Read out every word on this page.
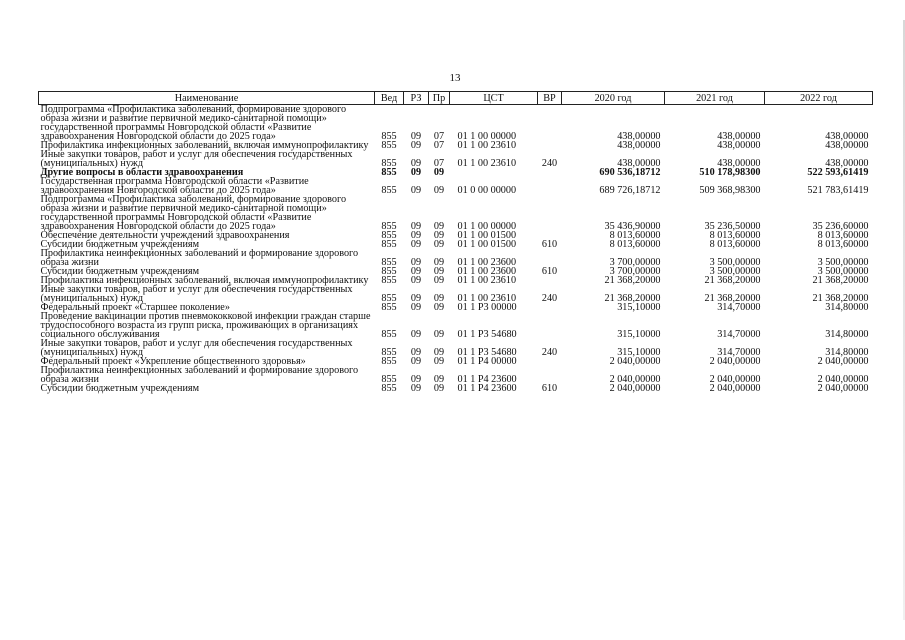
13
Наименование	Вед	РЗ	Пр	ЦСТ	ВР	2020 год	2021 год	2022 год
Подпрограмма «Профилактика заболеваний, формирование здорового образа жизни и развитие первичной медико-санитарной помощи» государственной программы Новгородской области «Развитие здравоохранения Новгородской области до 2025 года»	855	09	07	01 1 00 00000		438,00000	438,00000	438,00000
Профилактика инфекционных заболеваний, включая иммунопрофилактику	855	09	07	01 1 00 23610		438,00000	438,00000	438,00000
Иные закупки товаров, работ и услуг для обеспечения государственных (муниципальных) нужд	855	09	07	01 1 00 23610	240	438,00000	438,00000	438,00000
Другие вопросы в области здравоохранения	855	09	09			690 536,18712	510 178,98300	522 593,61419
Государственная программа Новгородской области «Развитие здравоохранения Новгородской области до 2025 года»	855	09	09	01 0 00 00000		689 726,18712	509 368,98300	521 783,61419
Подпрограмма «Профилактика заболеваний, формирование здорового образа жизни и развитие первичной медико-санитарной помощи» государственной программы Новгородской области «Развитие здравоохранения Новгородской области до 2025 года»	855	09	09	01 1 00 00000		35 436,90000	35 236,50000	35 236,60000
Обеспечение деятельности учреждений здравоохранения	855	09	09	01 1 00 01500		8 013,60000	8 013,60000	8 013,60000
Субсидии бюджетным учреждениям	855	09	09	01 1 00 01500	610	8 013,60000	8 013,60000	8 013,60000
Профилактика неинфекционных заболеваний и формирование здорового образа жизни	855	09	09	01 1 00 23600		3 700,00000	3 500,00000	3 500,00000
Субсидии бюджетным учреждениям	855	09	09	01 1 00 23600	610	3 700,00000	3 500,00000	3 500,00000
Профилактика инфекционных заболеваний, включая иммунопрофилактику	855	09	09	01 1 00 23610		21 368,20000	21 368,20000	21 368,20000
Иные закупки товаров, работ и услуг для обеспечения государственных (муниципальных) нужд	855	09	09	01 1 00 23610	240	21 368,20000	21 368,20000	21 368,20000
Федеральный проект «Старшее поколение»	855	09	09	01 1 P3 00000		315,10000	314,70000	314,80000
Проведение вакцинации против пневмококковой инфекции граждан старше трудоспособного возраста из групп риска, проживающих в организациях социального обслуживания	855	09	09	01 1 P3 54680		315,10000	314,70000	314,80000
Иные закупки товаров, работ и услуг для обеспечения государственных (муниципальных) нужд	855	09	09	01 1 P3 54680	240	315,10000	314,70000	314,80000
Федеральный проект «Укрепление общественного здоровья»	855	09	09	01 1 P4 00000		2 040,00000	2 040,00000	2 040,00000
Профилактика неинфекционных заболеваний и формирование здорового образа жизни	855	09	09	01 1 P4 23600		2 040,00000	2 040,00000	2 040,00000
Субсидии бюджетным учреждениям	855	09	09	01 1 P4 23600	610	2 040,00000	2 040,00000	2 040,00000
